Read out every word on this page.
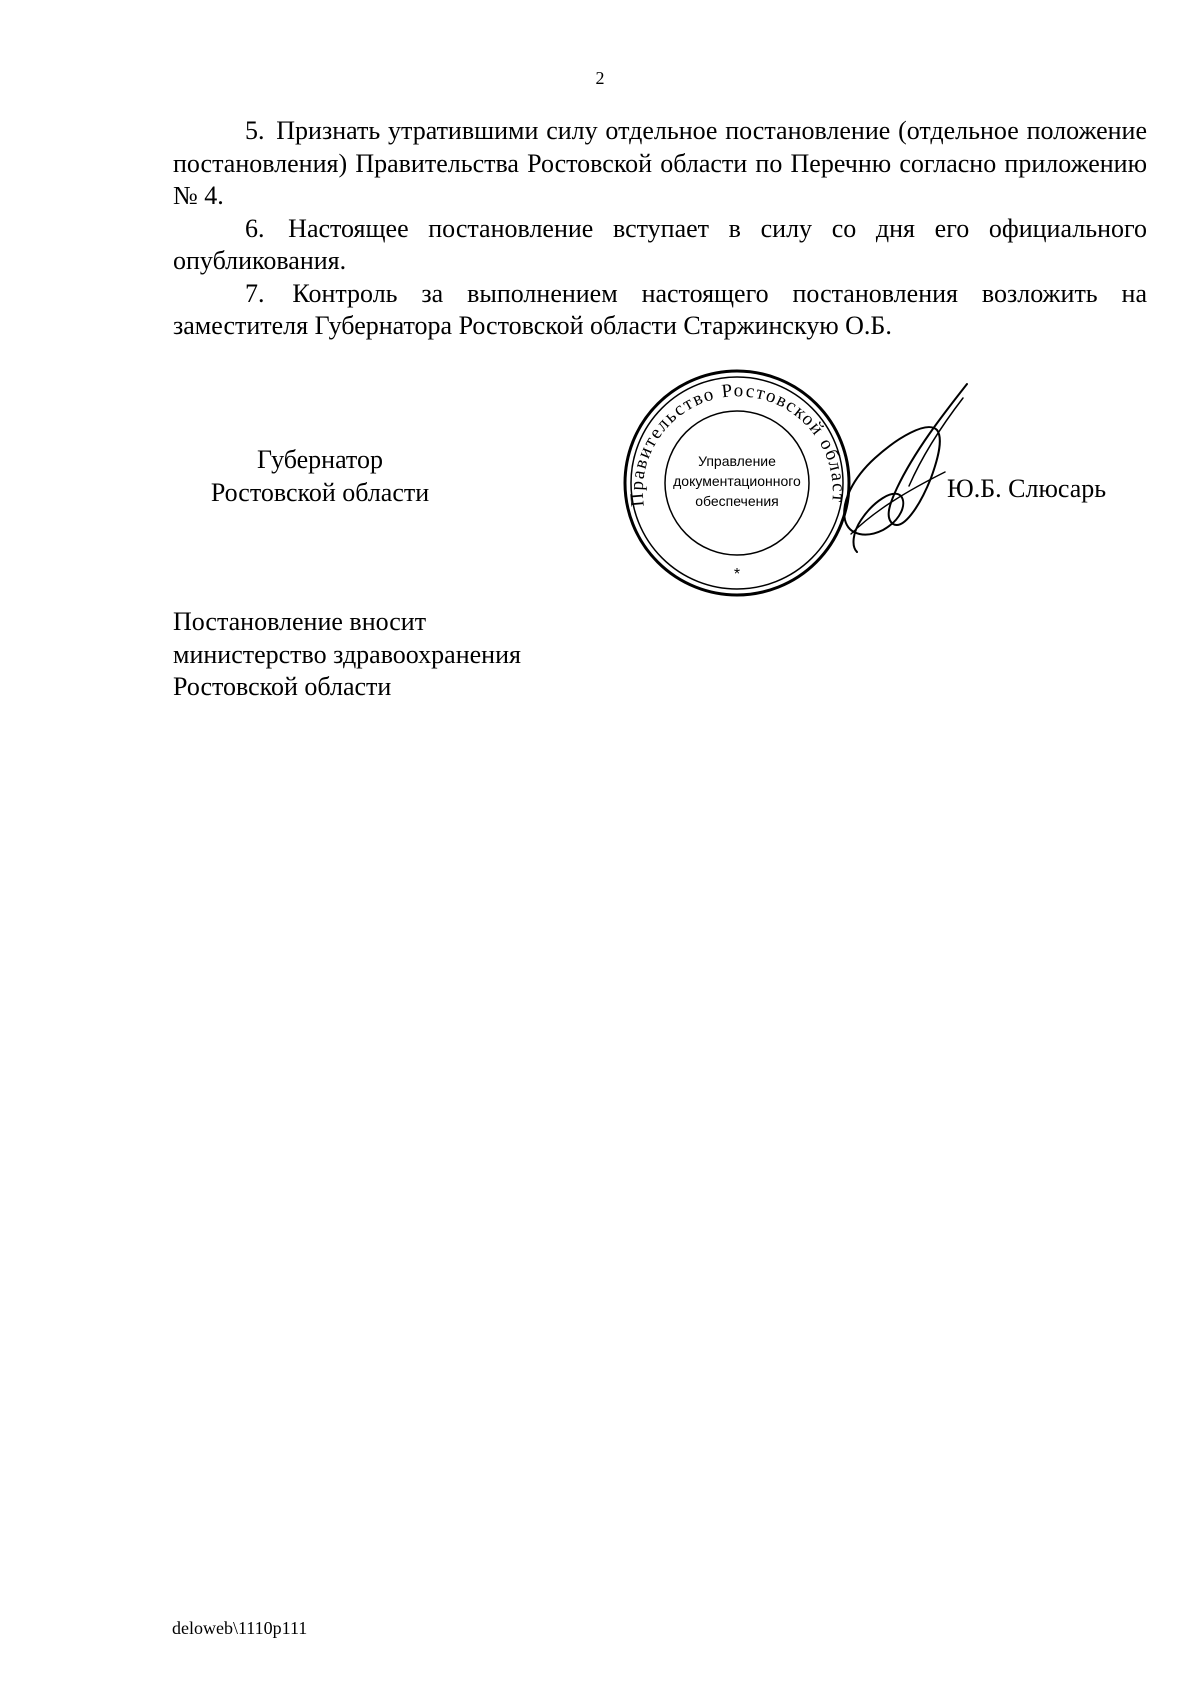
2

5. Признать утратившими силу отдельное постановление (отдельное положение постановления) Правительства Ростовской области по Перечню согласно приложению № 4.

6. Настоящее постановление вступает в силу со дня его официального опубликования.

7. Контроль за выполнением настоящего постановления возложить на заместителя Губернатора Ростовской области Старжинскую О.Б.

Губернатор
Ростовской области	Правительство Ростовской област
Управление
документационного
обеспечения
*
Ю.Б. Слюсарь
Постановление вносит
министерство здравоохранения
Ростовской области
deloweb\1110p111
